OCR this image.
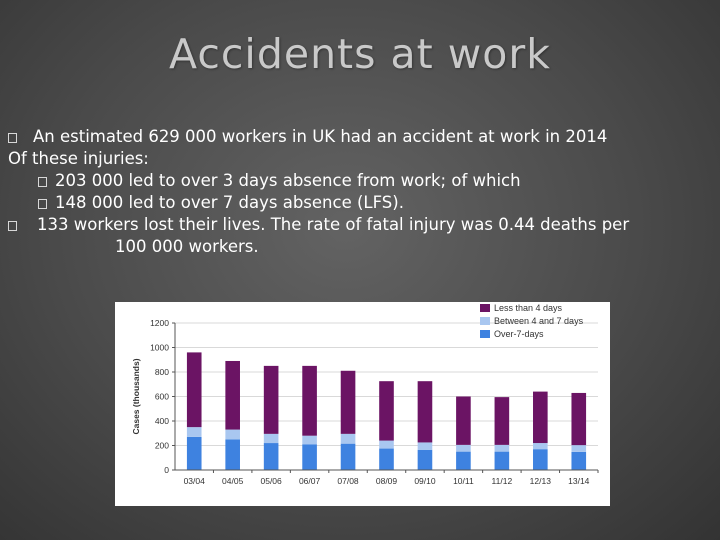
Accidents at work
An estimated 629 000 workers in UK had an accident at work in 2014
Of these injuries:
203 000 led to over 3 days absence from work; of which
148 000 led to over 7 days absence (LFS).
133 workers lost their lives. The rate of fatal injury was 0.44 deaths per
100 000 workers.
0
200
400
600
800
1000
1200
Cases (thousands)
03/04 04/05 05/06 06/07 07/08 08/09 09/10 10/11 11/12 12/13 13/14
Less than 4 days
Between 4 and 7 days
Over-7-days
